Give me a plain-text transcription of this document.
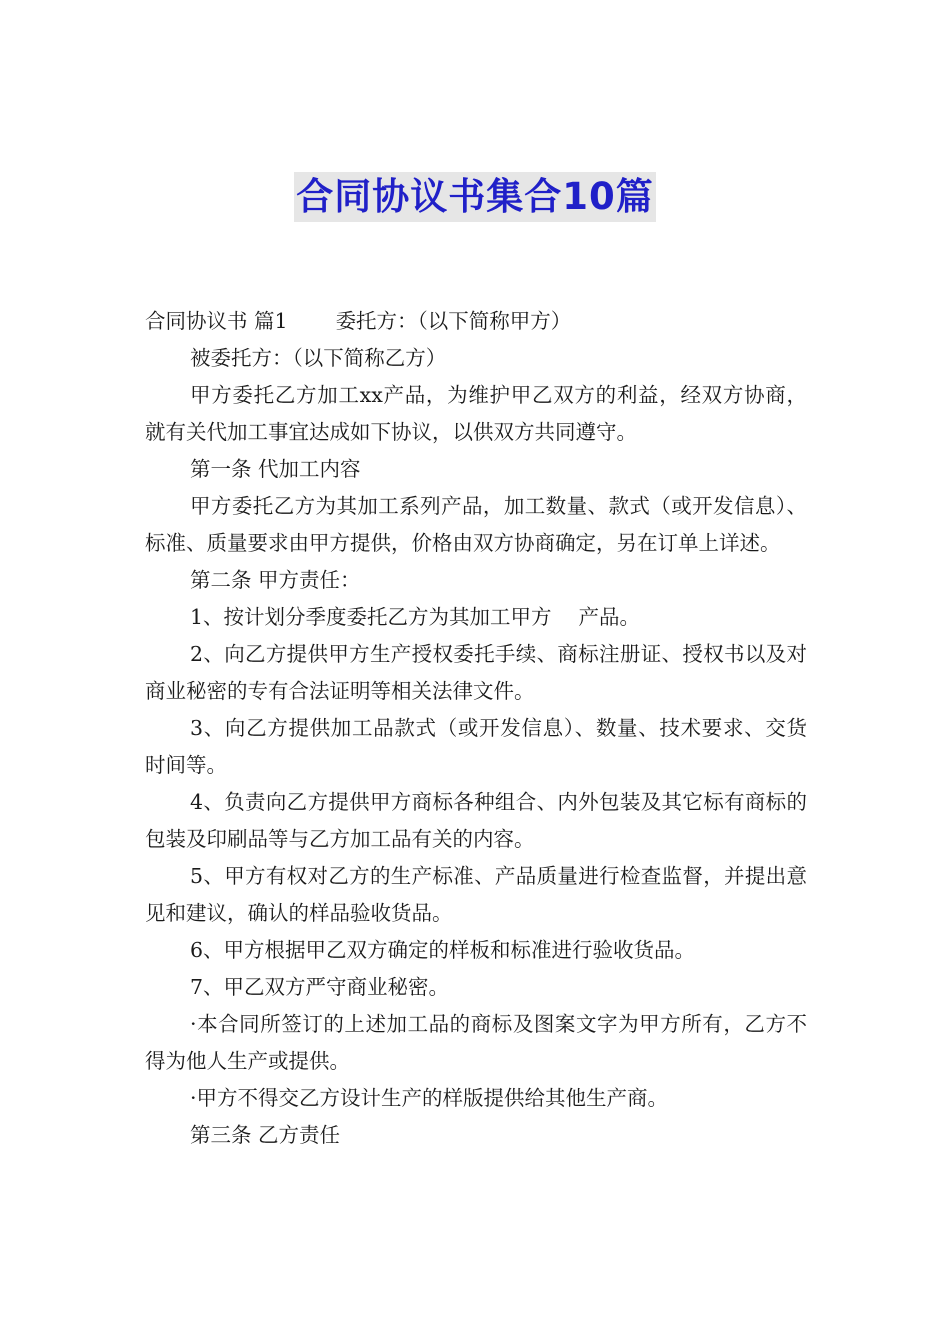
合同协议书集合10篇

合同协议书 篇1 委托方：（以下简称甲方）

被委托方：（以下简称乙方）

甲方委托乙方加工xx产品，为维护甲乙双方的利益，经双方协商，就有关代加工事宜达成如下协议，以供双方共同遵守。

第一条 代加工内容

甲方委托乙方为其加工系列产品，加工数量、款式（或开发信息）、标准、质量要求由甲方提供，价格由双方协商确定，另在订单上详述。

第二条 甲方责任：

1、按计划分季度委托乙方为其加工甲方　 产品。

2、向乙方提供甲方生产授权委托手续、商标注册证、授权书以及对商业秘密的专有合法证明等相关法律文件。

3、向乙方提供加工品款式（或开发信息）、数量、技术要求、交货时间等。

4、负责向乙方提供甲方商标各种组合、内外包装及其它标有商标的包装及印刷品等与乙方加工品有关的内容。

5、甲方有权对乙方的生产标准、产品质量进行检查监督，并提出意见和建议，确认的样品验收货品。

6、甲方根据甲乙双方确定的样板和标准进行验收货品。

7、甲乙双方严守商业秘密。

·本合同所签订的上述加工品的商标及图案文字为甲方所有，乙方不得为他人生产或提供。

·甲方不得交乙方设计生产的样版提供给其他生产商。

第三条 乙方责任
